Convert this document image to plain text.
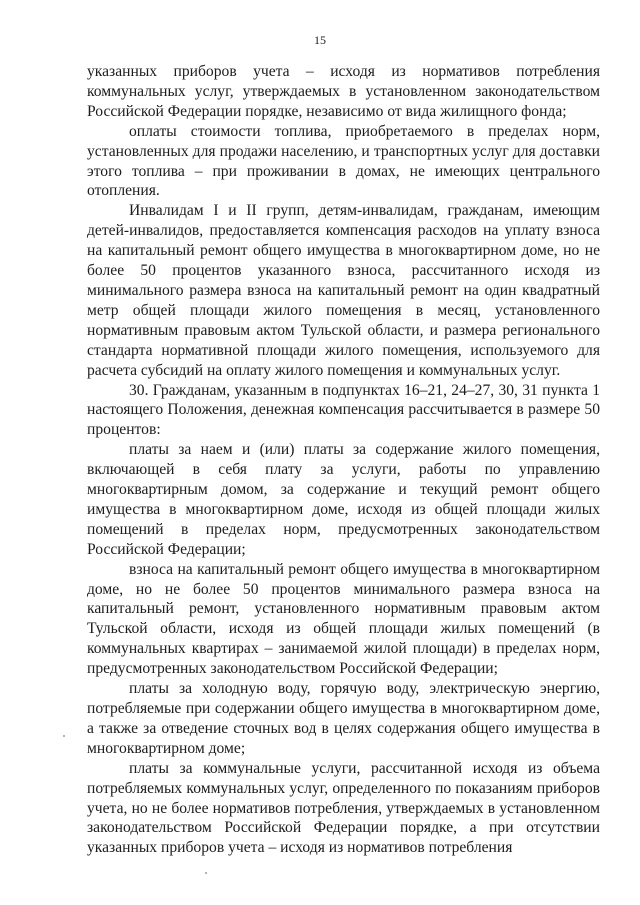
15

указанных приборов учета – исходя из нормативов потребления коммунальных услуг, утверждаемых в установленном законодательством Российской Федерации порядке, независимо от вида жилищного фонда;

оплаты стоимости топлива, приобретаемого в пределах норм, установленных для продажи населению, и транспортных услуг для доставки этого топлива – при проживании в домах, не имеющих центрального отопления.

Инвалидам I и II групп, детям-инвалидам, гражданам, имеющим детей-инвалидов, предоставляется компенсация расходов на уплату взноса на капитальный ремонт общего имущества в многоквартирном доме, но не более 50 процентов указанного взноса, рассчитанного исходя из минимального размера взноса на капитальный ремонт на один квадратный метр общей площади жилого помещения в месяц, установленного нормативным правовым актом Тульской области, и размера регионального стандарта нормативной площади жилого помещения, используемого для расчета субсидий на оплату жилого помещения и коммунальных услуг.

30. Гражданам, указанным в подпунктах 16–21, 24–27, 30, 31 пункта 1 настоящего Положения, денежная компенсация рассчитывается в размере 50 процентов:

платы за наем и (или) платы за содержание жилого помещения, включающей в себя плату за услуги, работы по управлению многоквартирным домом, за содержание и текущий ремонт общего имущества в многоквартирном доме, исходя из общей площади жилых помещений в пределах норм, предусмотренных законодательством Российской Федерации;

взноса на капитальный ремонт общего имущества в многоквартирном доме, но не более 50 процентов минимального размера взноса на капитальный ремонт, установленного нормативным правовым актом Тульской области, исходя из общей площади жилых помещений (в коммунальных квартирах – занимаемой жилой площади) в пределах норм, предусмотренных законодательством Российской Федерации;

платы за холодную воду, горячую воду, электрическую энергию, потребляемые при содержании общего имущества в многоквартирном доме, а также за отведение сточных вод в целях содержания общего имущества в многоквартирном доме;

платы за коммунальные услуги, рассчитанной исходя из объема потребляемых коммунальных услуг, определенного по показаниям приборов учета, но не более нормативов потребления, утверждаемых в установленном законодательством Российской Федерации порядке, а при отсутствии указанных приборов учета – исходя из нормативов потребления
